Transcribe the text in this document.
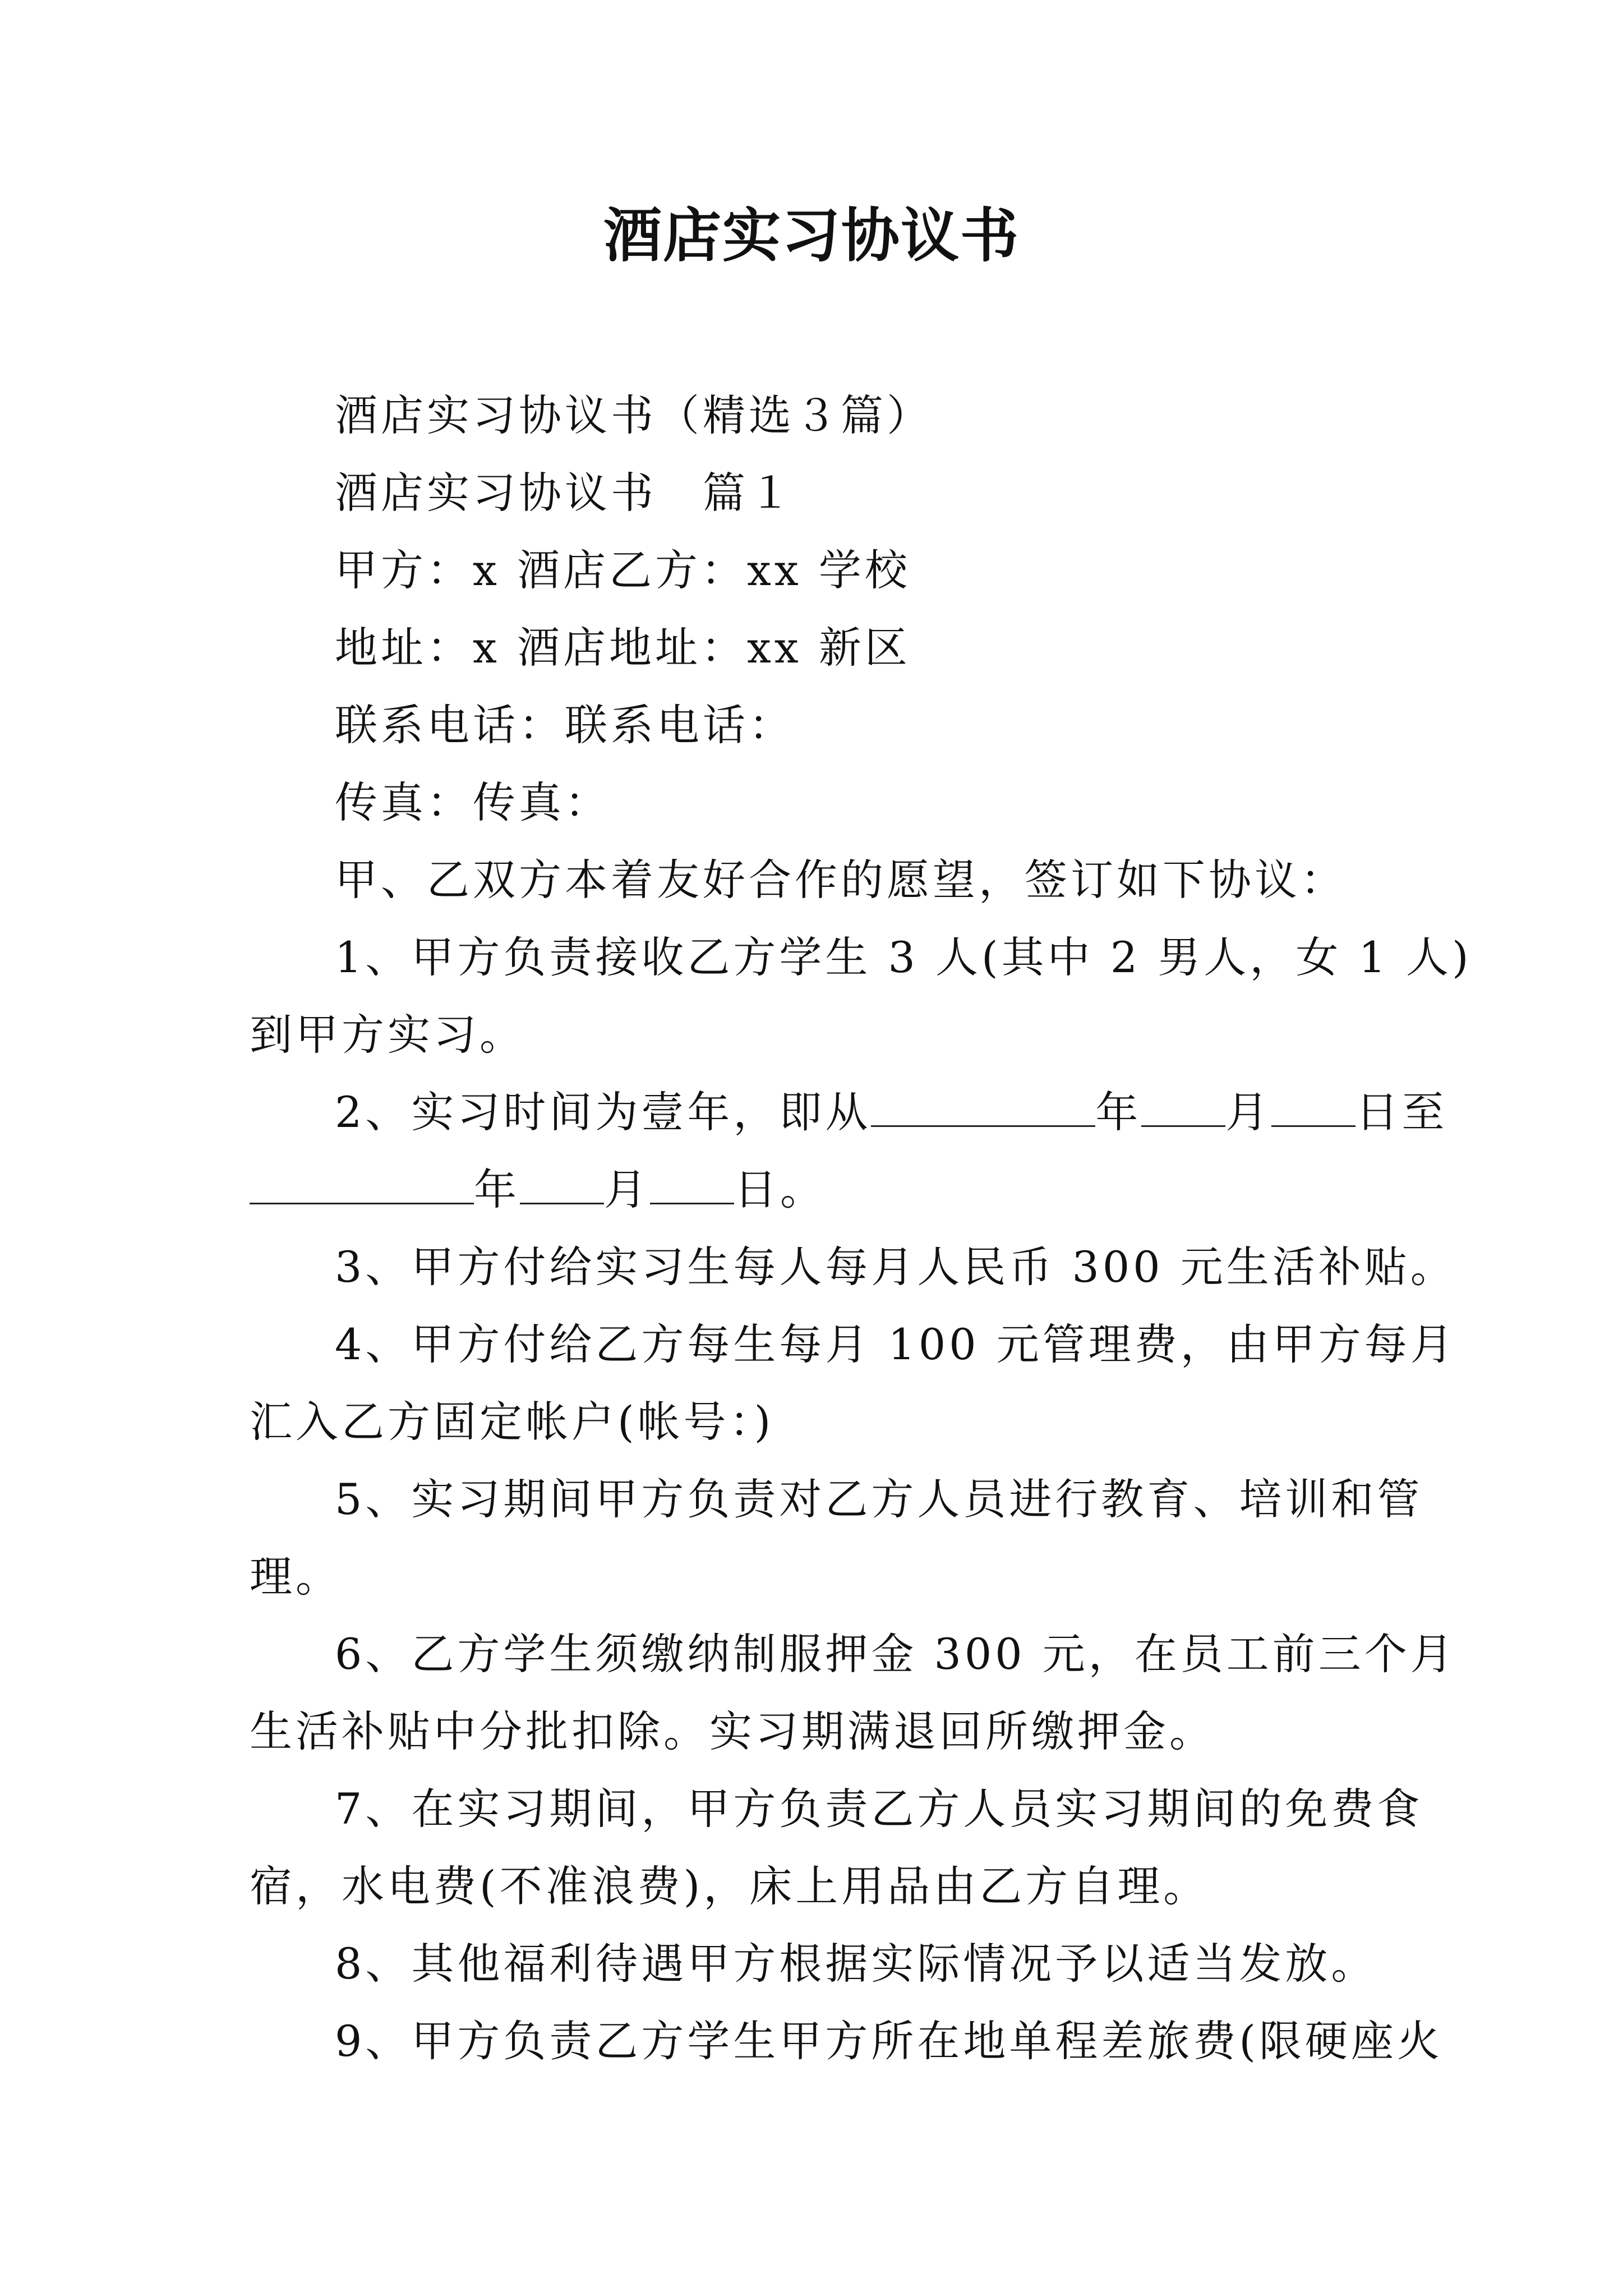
酒店实习协议书

酒店实习协议书（精选３篇）

酒店实习协议书　篇１

甲方：x 酒店乙方：xx 学校

地址：x 酒店地址：xx 新区

联系电话：联系电话：

传真：传真：

甲、乙双方本着友好合作的愿望，签订如下协议：

1、甲方负责接收乙方学生 3 人(其中 2 男人，女 1 人)
到甲方实习。

2、实习时间为壹年，即从	年 月 日至
年 月 日。

3、甲方付给实习生每人每月人民币 300 元生活补贴。

4、甲方付给乙方每生每月 100 元管理费，由甲方每月
汇入乙方固定帐户(帐号：)

5、实习期间甲方负责对乙方人员进行教育、培训和管
理。

6、乙方学生须缴纳制服押金 300 元，在员工前三个月
生活补贴中分批扣除。实习期满退回所缴押金。

7、在实习期间，甲方负责乙方人员实习期间的免费食
宿，水电费(不准浪费)，床上用品由乙方自理。

8、其他福利待遇甲方根据实际情况予以适当发放。

9、甲方负责乙方学生甲方所在地单程差旅费(限硬座火
